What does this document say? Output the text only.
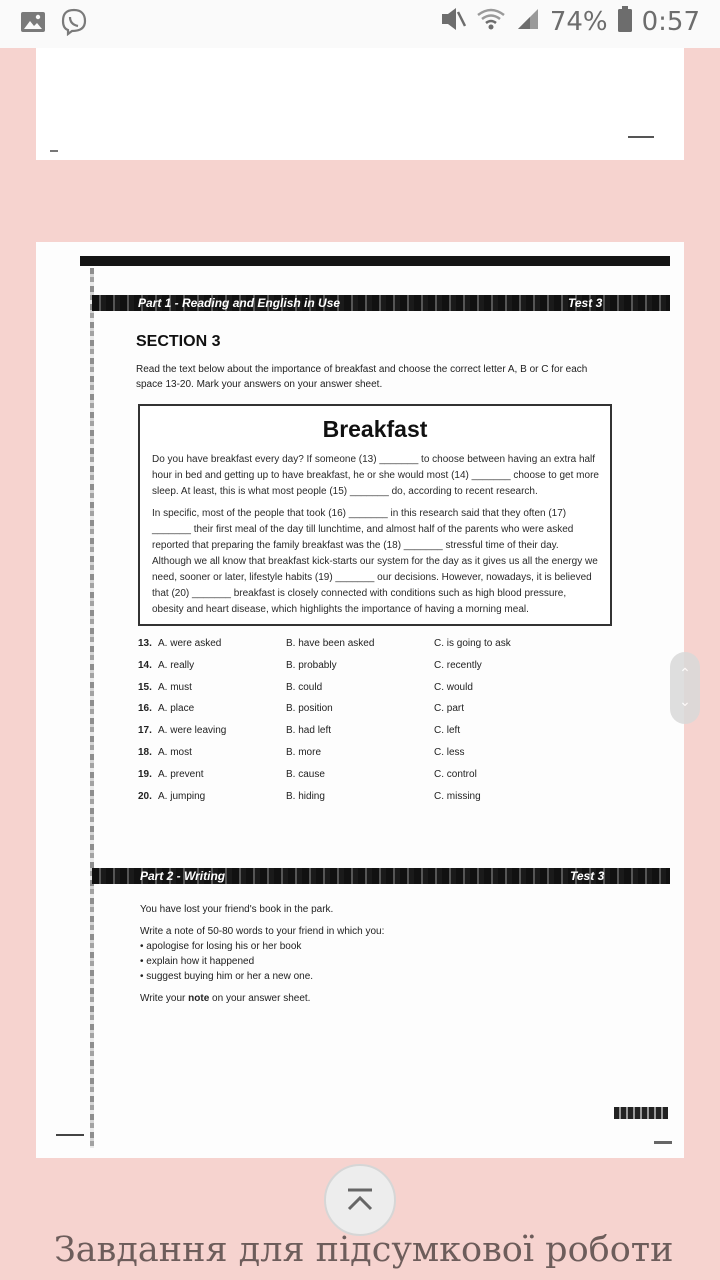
74% 0:57
Part 1 - Reading and English in Use	Test 3
SECTION 3
Read the text below about the importance of breakfast and choose the correct letter A, B or C for each space 13-20. Mark your answers on your answer sheet.
Breakfast
Do you have breakfast every day? If someone (13) _______ to choose between having an extra half hour in bed and getting up to have breakfast, he or she would most (14) _______ choose to get more sleep. At least, this is what most people (15) _______ do, according to recent research.
In specific, most of the people that took (16) _______ in this research said that they often (17) _______ their first meal of the day till lunchtime, and almost half of the parents who were asked reported that preparing the family breakfast was the (18) _______ stressful time of their day. Although we all know that breakfast kick-starts our system for the day as it gives us all the energy we need, sooner or later, lifestyle habits (19) _______ our decisions. However, nowadays, it is believed that (20) _______ breakfast is closely connected with conditions such as high blood pressure, obesity and heart disease, which highlights the importance of having a morning meal.
13. A. were asked	B. have been asked	C. is going to ask
14. A. really	B. probably	C. recently
15. A. must	B. could	C. would
16. A. place	B. position	C. part
17. A. were leaving	B. had left	C. left
18. A. most	B. more	C. less
19. A. prevent	B. cause	C. control
20. A. jumping	B. hiding	C. missing
Part 2 - Writing	Test 3
You have lost your friend's book in the park.
Write a note of 50-80 words to your friend in which you:
• apologise for losing his or her book
• explain how it happened
• suggest buying him or her a new one.
Write your note on your answer sheet.
⌃
⌄
Завдання для підсумкової роботи
